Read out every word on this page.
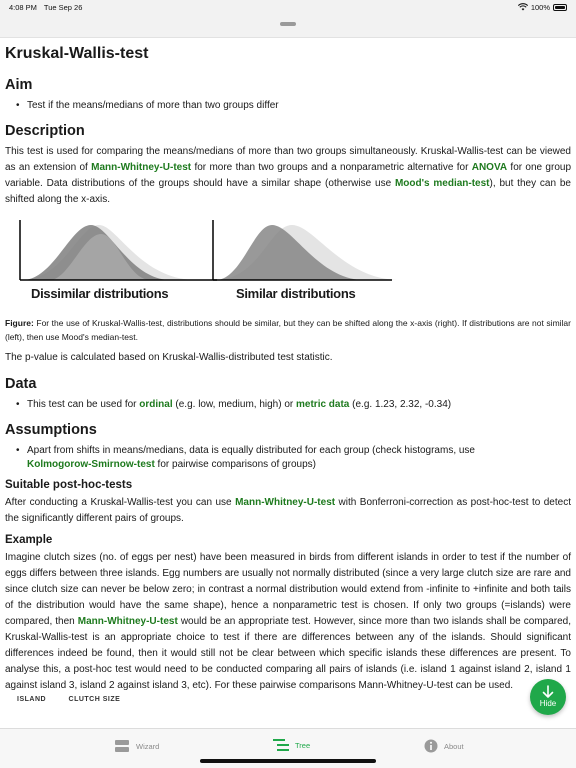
4:08 PM Tue Sep 26	100%
Kruskal-Wallis-test
Aim
• Test if the means/medians of more than two groups differ
Description

This test is used for comparing the means/medians of more than two groups simultaneously. Kruskal-Wallis-test can be viewed as an extension of Mann-Whitney-U-test for more than two groups and a nonparametric alternative for ANOVA for one group variable. Data distributions of the groups should have a similar shape (otherwise use Mood's median-test), but they can be shifted along the x-axis.

Dissimilar distributions	Similar distributions

Figure: For the use of Kruskal-Wallis-test, distributions should be similar, but they can be shifted along the x-axis (right). If distributions are not similar (left), then use Mood's median-test.

The p-value is calculated based on Kruskal-Wallis-distributed test statistic.

Data
• This test can be used for ordinal (e.g. low, medium, high) or metric data (e.g. 1.23, 2.32, -0.34)
Assumptions
• Apart from shifts in means/medians, data is equally distributed for each group (check histograms, use Kolmogorow-Smirnow-test for pairwise comparisons of groups)
Suitable post-hoc-tests

After conducting a Kruskal-Wallis-test you can use Mann-Whitney-U-test with Bonferroni-correction as post-hoc-test to detect the significantly different pairs of groups.

Example

Imagine clutch sizes (no. of eggs per nest) have been measured in birds from different islands in order to test if the number of eggs differs between three islands. Egg numbers are usually not normally distributed (since a very large clutch size are rare and since clutch size can never be below zero; in contrast a normal distribution would extend from -infinite to +infinite and both tails of the distribution would have the same shape), hence a nonparametric test is chosen. If only two groups (=islands) were compared, then Mann-Whitney-U-test would be an appropriate test. However, since more than two islands shall be compared, Kruskal-Wallis-test is an appropriate choice to test if there are differences between any of the islands. Should significant differences indeed be found, then it would still not be clear between which specific islands these differences are present. To analyse this, a post-hoc test would need to be conducted comparing all pairs of islands (i.e. island 1 against island 2, island 1 against island 3, island 2 against island 3, etc). For these pairwise comparisons Mann-Whitney-U-test can be used.

ISLAND	CLUTCH SIZE	Hide
Wizard	Tree	About
